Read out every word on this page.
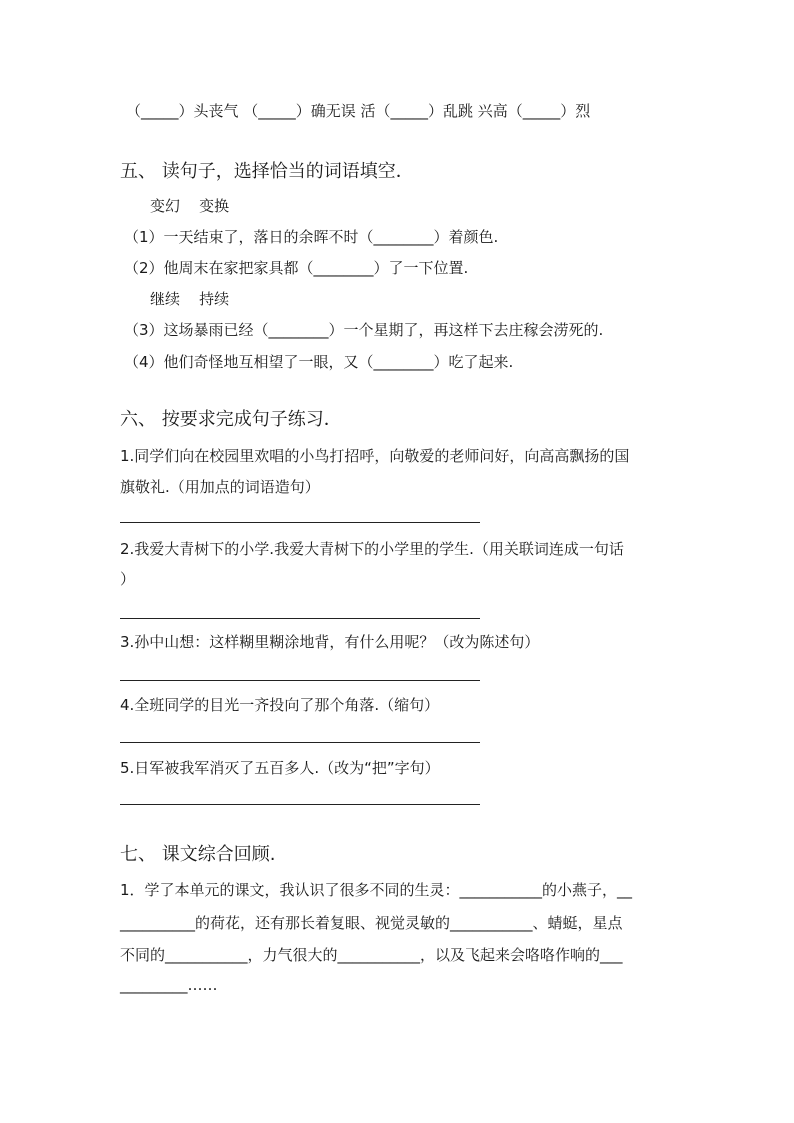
（_____）头丧气 （_____）确无误 活（_____）乱跳 兴高（_____）烈
五、 读句子，选择恰当的词语填空．
变幻    变换
（1）一天结束了，落日的余晖不时（________）着颜色.
（2）他周末在家把家具都（________）了一下位置.
继续    持续
（3）这场暴雨已经（________）一个星期了，再这样下去庄稼会涝死的.
（4）他们奇怪地互相望了一眼，又（________）吃了起来.
六、 按要求完成句子练习．
1.同学们向在校园里欢唱的小鸟打招呼，向敬爱的老师问好，向高高飘扬的国
旗敬礼.（用加点的词语造句）
2.我爱大青树下的小学.我爱大青树下的小学里的学生.（用关联词连成一句话
）
3.孙中山想：这样糊里糊涂地背，有什么用呢？（改为陈述句）
4.全班同学的目光一齐投向了那个角落.（缩句）
5.日军被我军消灭了五百多人.（改为“把”字句）
七、 课文综合回顾.
1．学了本单元的课文，我认识了很多不同的生灵：___________的小燕子，__
__________的荷花，还有那长着复眼、视觉灵敏的___________、蜻蜓，星点
不同的___________，力气很大的___________，以及飞起来会咯咯作响的___
_________……
